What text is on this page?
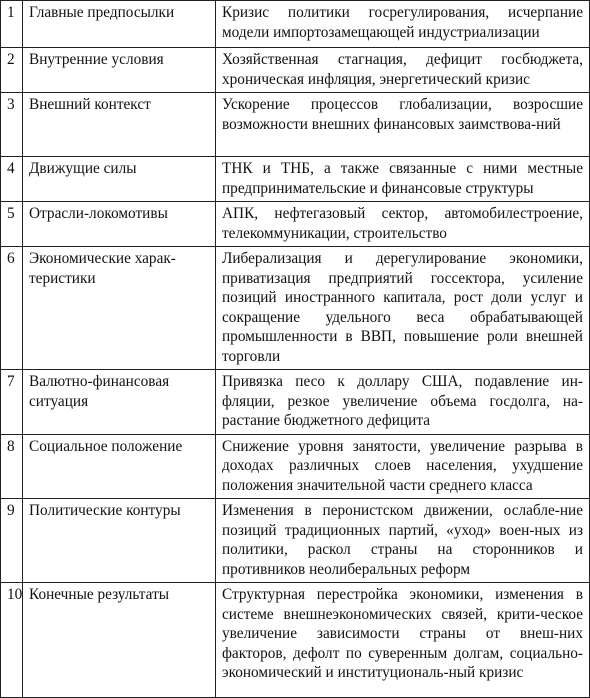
1	Главные предпосылки	Кризис политики госрегулирования, исчерпание модели импортозамещающей индустриализации
2	Внутренние условия	Хозяйственная стагнация, дефицит госбюджета, хроническая инфляция, энергетический кризис
3	Внешний контекст	Ускорение процессов глобализации, возросшие возможности внешних финансовых заимствова-ний
4	Движущие силы	ТНК и ТНБ, а также связанные с ними местные предпринимательские и финансовые структуры
5	Отрасли-локомотивы	АПК, нефтегазовый сектор, автомобилестроение, телекоммуникации, строительство
6	Экономические харак-теристики	Либерализация и дерегулирование экономики, приватизация предприятий госсектора, усиление позиций иностранного капитала, рост доли услуг и сокращение удельного веса обрабатывающей промышленности в ВВП, повышение роли внешней торговли
7	Валютно-финансовая ситуация	Привязка песо к доллару США, подавление ин-фляции, резкое увеличение объема госдолга, на-растание бюджетного дефицита
8	Социальное положение	Снижение уровня занятости, увеличение разрыва в доходах различных слоев населения, ухудшение положения значительной части среднего класса
9	Политические контуры	Изменения в перонистском движении, ослабле-ние позиций традиционных партий, «уход» воен-ных из политики, раскол страны на сторонников и противников неолиберальных реформ
10	Конечные результаты	Структурная перестройка экономики, изменения в системе внешнеэкономических связей, крити-ческое увеличение зависимости страны от внеш-них факторов, дефолт по суверенным долгам, социально-экономический и институциональ-ный кризис
